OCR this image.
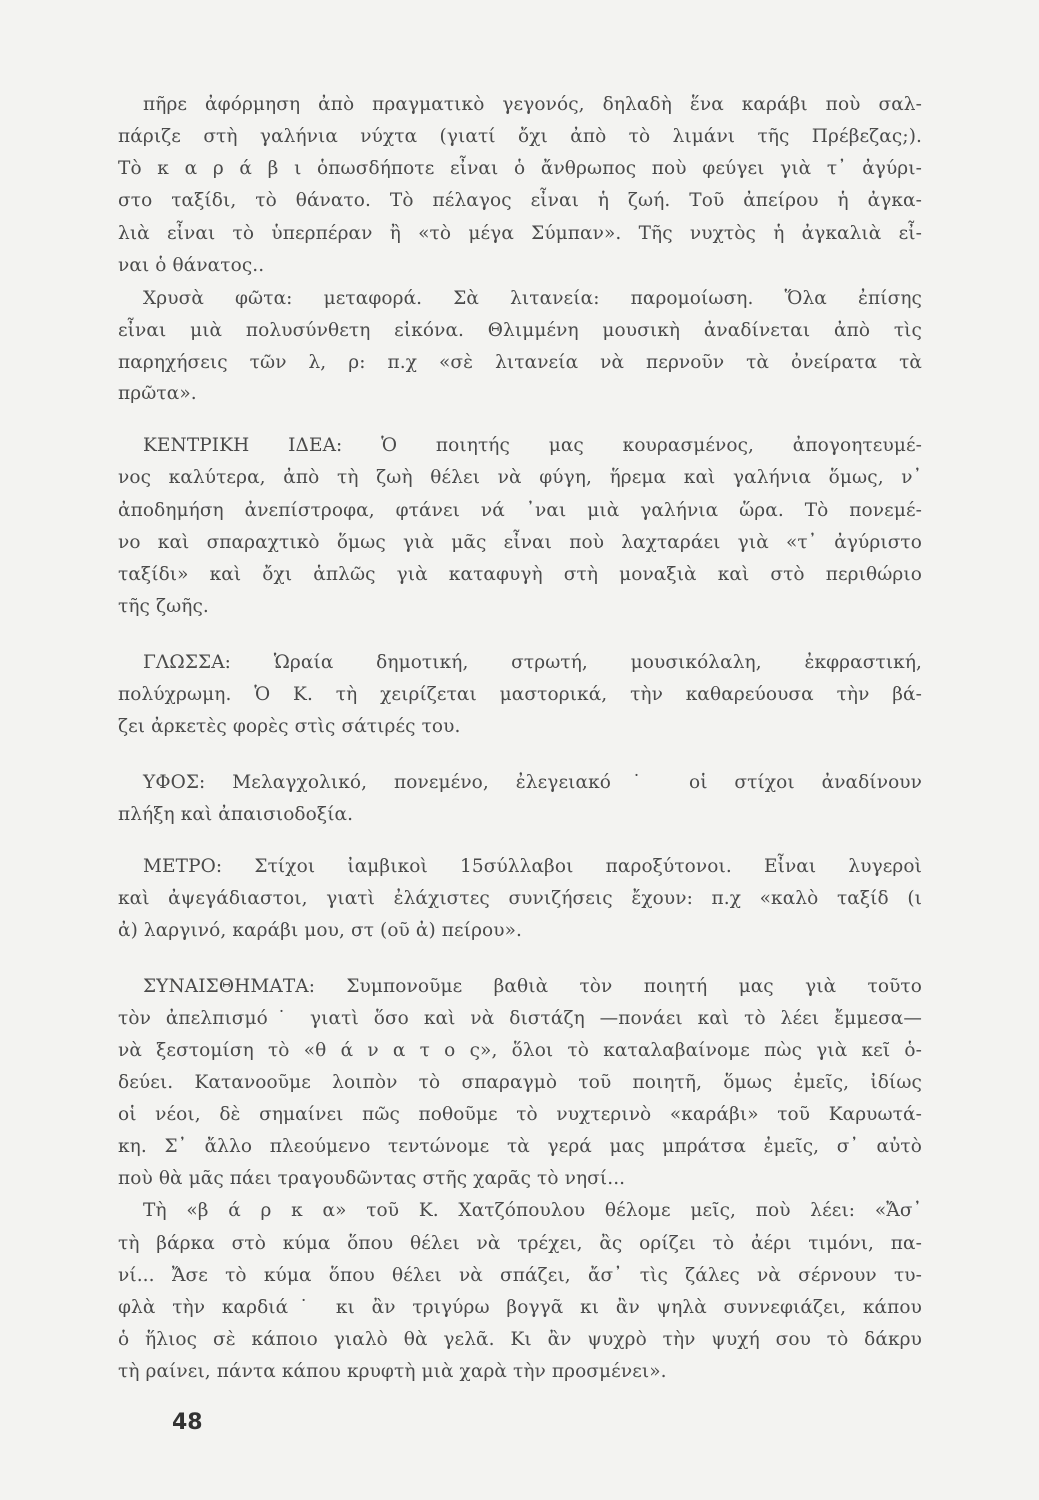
πῆρε ἀφόρμηση ἀπὸ πραγματικὸ γεγονός, δηλαδὴ ἕνα καράβι ποὺ σαλ-
πάριζε στὴ γαλήνια νύχτα (γιατί ὄχι ἀπὸ τὸ λιμάνι τῆς Πρέβεζας;).
Τὸ κ α ρ ά β ι ὁπωσδήποτε εἶναι ὁ ἄνθρωπος ποὺ φεύγει γιὰ τ᾽ ἀγύρι-
στο ταξίδι, τὸ θάνατο. Τὸ πέλαγος εἶναι ἡ ζωή. Τοῦ ἀπείρου ἡ ἀγκα-
λιὰ εἶναι τὸ ὑπερπέραν ἢ «τὸ μέγα Σύμπαν». Τῆς νυχτὸς ἡ ἀγκαλιὰ εἶ-
ναι ὁ θάνατος..
Χρυσὰ φῶτα: μεταφορά. Σὰ λιτανεία: παρομοίωση. Ὅλα ἐπίσης
εἶναι μιὰ πολυσύνθετη εἰκόνα. Θλιμμένη μουσικὴ ἀναδίνεται ἀπὸ τὶς
παρηχήσεις τῶν λ, ρ: π.χ «σὲ λιτανεία νὰ περνοῦν τὰ ὀνείρατα τὰ
πρῶτα».
ΚΕΝΤΡΙΚΗ ΙΔΕΑ: Ὁ ποιητής μας κουρασμένος, ἀπογοητευμέ-
νος καλύτερα, ἀπὸ τὴ ζωὴ θέλει νὰ φύγη, ἥρεμα καὶ γαλήνια ὅμως, ν᾽
ἀποδημήση ἀνεπίστροφα, φτάνει νά ᾽ναι μιὰ γαλήνια ὥρα. Τὸ πονεμέ-
νο καὶ σπαραχτικὸ ὅμως γιὰ μᾶς εἶναι ποὺ λαχταράει γιὰ «τ᾽ ἀγύριστο
ταξίδι» καὶ ὄχι ἁπλῶς γιὰ καταφυγὴ στὴ μοναξιὰ καὶ στὸ περιθώριο
τῆς ζωῆς.
ΓΛΩΣΣΑ: Ὡραία δημοτική, στρωτή, μουσικόλαλη, ἐκφραστική,
πολύχρωμη. Ὁ Κ. τὴ χειρίζεται μαστορικά, τὴν καθαρεύουσα τὴν βά-
ζει ἀρκετὲς φορὲς στὶς σάτιρές του.
ΥΦΟΣ: Μελαγχολικό, πονεμένο, ἐλεγειακό˙ οἱ στίχοι ἀναδίνουν
πλήξη καὶ ἀπαισιοδοξία.
ΜΕΤΡΟ: Στίχοι ἰαμβικοὶ 15σύλλαβοι παροξύτονοι. Εἶναι λυγεροὶ
καὶ ἀψεγάδιαστοι, γιατὶ ἐλάχιστες συνιζήσεις ἔχουν: π.χ «καλὸ ταξίδ (ι
ἀ) λαργινό, καράβι μου, στ (οῦ ἀ) πείρου».
ΣΥΝΑΙΣΘΗΜΑΤΑ: Συμπονοῦμε βαθιὰ τὸν ποιητή μας γιὰ τοῦτο
τὸν ἀπελπισμό˙ γιατὶ ὅσο καὶ νὰ διστάζη —πονάει καὶ τὸ λέει ἔμμεσα—
νὰ ξεστομίση τὸ «θ ά ν α τ ο ς», ὅλοι τὸ καταλαβαίνομε πὼς γιὰ κεῖ ὁ-
δεύει. Κατανοοῦμε λοιπὸν τὸ σπαραγμὸ τοῦ ποιητῆ, ὅμως ἐμεῖς, ἰδίως
οἱ νέοι, δὲ σημαίνει πῶς ποθοῦμε τὸ νυχτερινὸ «καράβι» τοῦ Καρυωτά-
κη. Σ᾽ ἄλλο πλεούμενο τεντώνομε τὰ γερά μας μπράτσα ἐμεῖς, σ᾽ αὐτὸ
ποὺ θὰ μᾶς πάει τραγουδῶντας στῆς χαρᾶς τὸ νησί...
Τὴ «β ά ρ κ α» τοῦ Κ. Χατζόπουλου θέλομε μεῖς, ποὺ λέει: «Ἄσ᾽
τὴ βάρκα στὸ κύμα ὅπου θέλει νὰ τρέχει, ἂς ορίζει τὸ ἀέρι τιμόνι, πα-
νί... Ἄσε τὸ κύμα ὅπου θέλει νὰ σπάζει, ἄσ᾽ τὶς ζάλες νὰ σέρνουν τυ-
φλὰ τὴν καρδιά˙ κι ἂν τριγύρω βογγᾶ κι ἂν ψηλὰ συννεφιάζει, κάπου
ὁ ἥλιος σὲ κάποιο γιαλὸ θὰ γελᾶ. Κι ἂν ψυχρὸ τὴν ψυχή σου τὸ δάκρυ
τὴ ραίνει, πάντα κάπου κρυφτὴ μιὰ χαρὰ τὴν προσμένει».
48
